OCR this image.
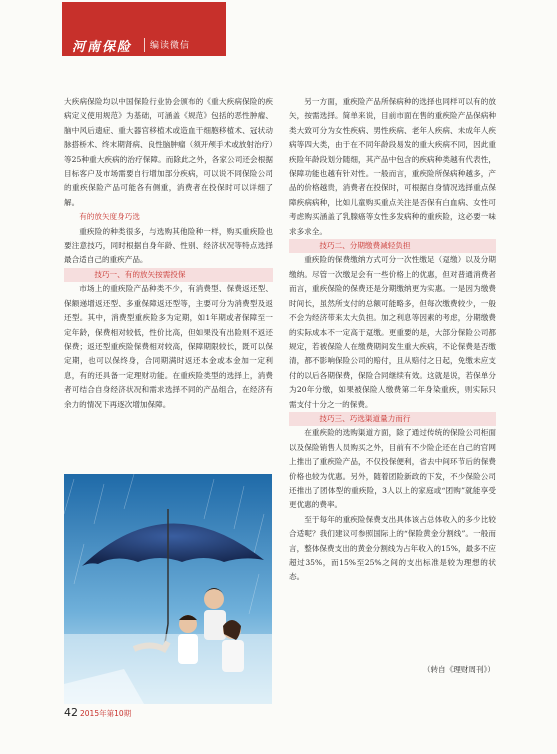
河南保险 编读微信

大疾病保险均以中国保险行业协会颁布的《重大疾病保险的疾病定义使用规范》为基础，可涵盖《规范》包括的恶性肿瘤、脑中风后遗症、重大器官移植术或造血干细胞移植术、冠状动脉搭桥术、终末期肾病、良性脑肿瘤（须开颅手术或放射治疗）等25种重大疾病的治疗保障。而除此之外，各家公司还会根据目标客户及市场需要自行增加部分疾病，可以说不同保险公司的重疾保险产品可能各有侧重，消费者在投保时可以详细了解。

有的放矢度身巧选

重疾险的种类很多，与选购其他险种一样，购买重疾险也要注意技巧，同时根据自身年龄、性别、经济状况等特点选择最合适自己的重疾产品。

技巧一、有的放矢按需投保

市场上的重疾险产品种类不少，有消费型、保费返还型、保额递增返还型、多重保障返还型等，主要可分为消费型及返还型。其中，消费型重疾险多为定期，如1年期或者保障至一定年龄，保费相对较低，性价比高，但如果没有出险则不返还保费；返还型重疾险保费相对较高，保障期限较长，既可以保定期，也可以保终身，合同期满时返还本金或本金加一定利息，有的还具备一定理财功能。在重疾险类型的选择上，消费者可结合自身经济状况和需求选择不同的产品组合，在经济有余力的情况下再逐次增加保障。

另一方面，重疾险产品所保病种的选择也同样可以有的放矢，按需选择。简单来说，目前市面在售的重疾险产品保病种类大致可分为女性疾病、男性疾病、老年人疾病、未成年人疾病等四大类，由于在不同年龄段易发的重大疾病不同，因此重疾险年龄段划分随细，其产品中包含的疾病种类越有代表性，保障功能也越有针对性。一般而言，重疾险所保病种越多，产品的价格越贵，消费者在投保时，可根据自身情况选择重点保障疾病病种，比如儿童购买重点关注是否保有白血病、女性可考虑购买涵盖了乳腺癌等女性多发病种的重疾险，这必要一味求多求全。

技巧二、分期缴费减轻负担

重疾险的保费缴纳方式可分一次性缴足（趸缴）以及分期缴纳。尽管一次缴足会有一些价格上的优惠，但对普通消费者而言，重疾保险的保费还是分期缴纳更为实惠。一是因为缴费时间长，虽然所支付的总额可能略多，但每次缴费较少，一般不会为经济带来太大负担。加之利息等因素的考虑，分期缴费的实际成本不一定高于趸缴。更重要的是，大部分保险公司都规定，若被保险人在缴费期间发生重大疾病，不论保费是否缴清，都不影响保险公司的赔付，且从赔付之日起，免缴未应支付的以后各期保费，保险合同继续有效。这就是说，若保单分为20年分缴，如果被保险人缴费第二年身染重疾，则实际只需支付十分之一的保费。

技巧三、巧选渠道量力而行

在重疾险的选购渠道方面，除了通过传统的保险公司柜面以及保险销售人员购买之外，目前有不少险企还在自己的官网上推出了重疾险产品，不仅投保便利，省去中间环节后的保费价格也较为优惠。另外，随着团险新政的下发，不少保险公司还推出了团体型的重疾险，3人以上的家庭或“团购”就能享受更优惠的费率。

至于每年的重疾险保费支出具体该占总体收入的多少比较合适呢？我们建议可参照国际上的“保险黄金分割线”。一般而言，整体保费支出的黄金分割线为占年收入的15%，最多不应超过35%，而15%至25%之间的支出标准是较为理想的状态。

（转自《理财周刊》）
42 2015年第10期
